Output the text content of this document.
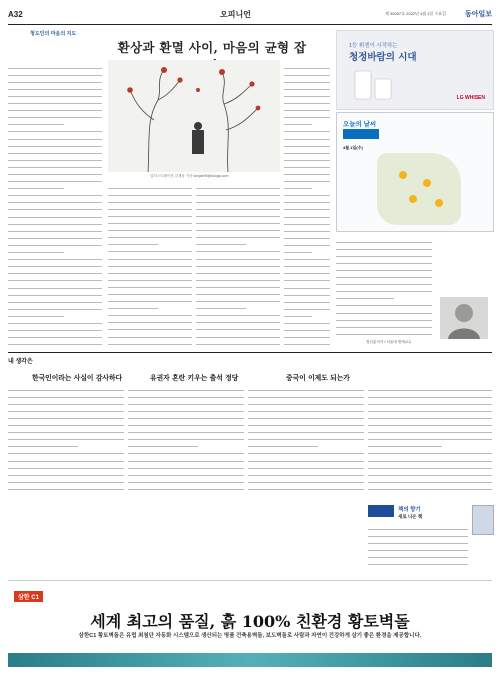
A32	오피니언	제 30057호 2022년 4월 1일 수요일	동아일보
청도인의 마음의 지도
환상과 환멸 사이, 마음의 균형 잡
일러스트레이션 김재웅 기자 kimjae99@donga.com
1등 휘센이 시작하는
청정바람의 시대
LG WHISEN
오늘의 날씨
4월 1일(수)
정신분석가 / 서울대 명예교수
내 생각은
한국인이라는 사실이 감사하다	유권자 혼란 키우는 출석 정당	중국이 이제도 되는가
책의 향기
새로 나온 책
삼한 C1
세계 최고의 품질, 흙 100% 친환경 황토벽돌
삼한C1 황토벽돌은 유럽 최첨단 자동화 시스템으로 생산되는 명품 건축용벽돌, 보도벽돌로 사람과 자연이 건강하게 살기 좋은 환경을 제공합니다.
